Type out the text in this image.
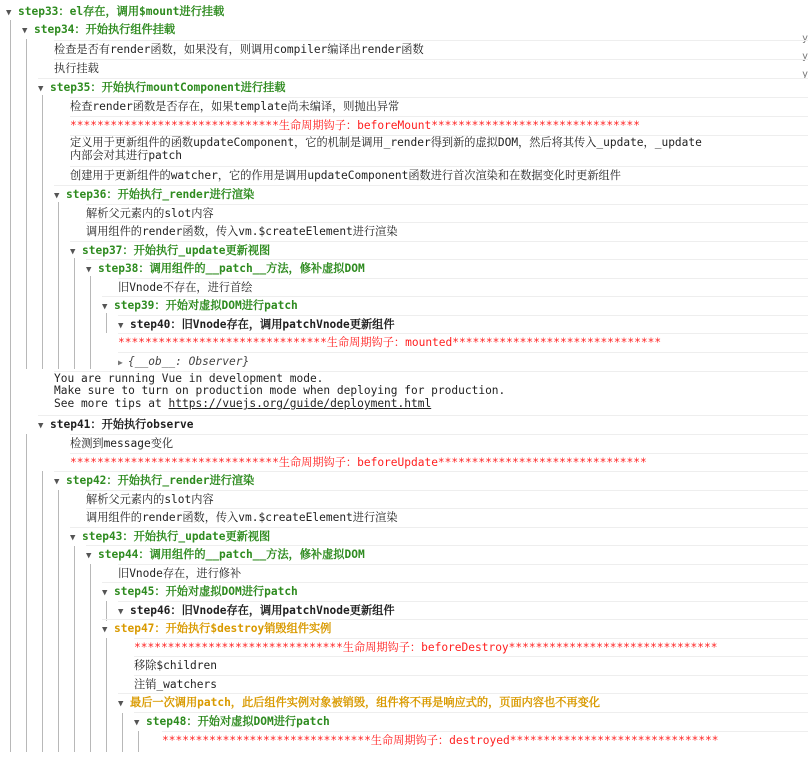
y
y
y
▼ step33：el存在，调用$mount进行挂载
▼ step34：开始执行组件挂载
检查是否有render函数，如果没有，则调用compiler编译出render函数
执行挂载
▼ step35：开始执行mountComponent进行挂载
检查render函数是否存在，如果template尚未编译，则抛出异常
*******************************生命周期钩子：beforeMount*******************************
定义用于更新组件的函数updateComponent，它的机制是调用_render得到新的虚拟DOM，然后将其传入_update，_update
内部会对其进行patch
创建用于更新组件的watcher，它的作用是调用updateComponent函数进行首次渲染和在数据变化时更新组件
▼ step36：开始执行_render进行渲染
解析父元素内的slot内容
调用组件的render函数，传入vm.$createElement进行渲染
▼ step37：开始执行_update更新视图
▼ step38：调用组件的__patch__方法，修补虚拟DOM
旧Vnode不存在，进行首绘
▼ step39：开始对虚拟DOM进行patch
▼ step40：旧Vnode存在，调用patchVnode更新组件
*******************************生命周期钩子：mounted*******************************
▶ {__ob__: Observer}
You are running Vue in development mode.
Make sure to turn on production mode when deploying for production.
See more tips at https://vuejs.org/guide/deployment.html
▼ step41：开始执行observe
检测到message变化
*******************************生命周期钩子：beforeUpdate*******************************
▼ step42：开始执行_render进行渲染
解析父元素内的slot内容
调用组件的render函数，传入vm.$createElement进行渲染
▼ step43：开始执行_update更新视图
▼ step44：调用组件的__patch__方法，修补虚拟DOM
旧Vnode存在，进行修补
▼ step45：开始对虚拟DOM进行patch
▼ step46：旧Vnode存在，调用patchVnode更新组件
▼ step47：开始执行$destroy销毁组件实例
*******************************生命周期钩子：beforeDestroy*******************************
移除$children
注销_watchers
▼ 最后一次调用patch，此后组件实例对象被销毁，组件将不再是响应式的，页面内容也不再变化
▼ step48：开始对虚拟DOM进行patch
*******************************生命周期钩子：destroyed*******************************
